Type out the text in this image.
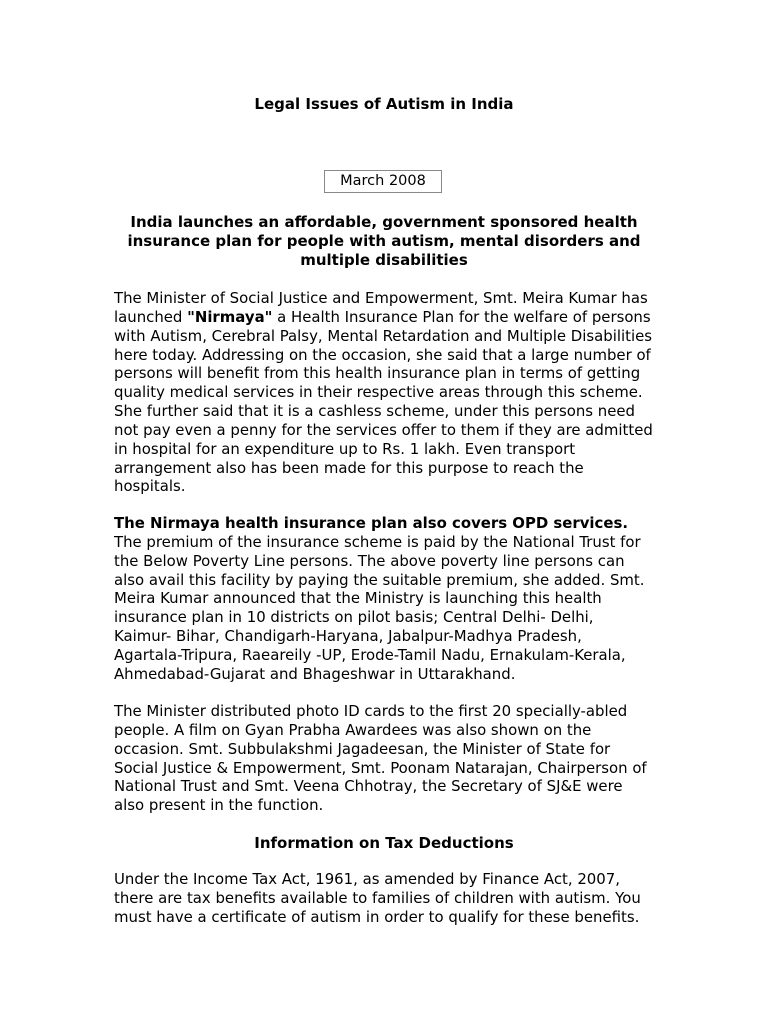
Legal Issues of Autism in India
March 2008
India launches an affordable, government sponsored health insurance plan for people with autism, mental disorders and multiple disabilities

The Minister of Social Justice and Empowerment, Smt. Meira Kumar has launched "Nirmaya" a Health Insurance Plan for the welfare of persons with Autism, Cerebral Palsy, Mental Retardation and Multiple Disabilities here today. Addressing on the occasion, she said that a large number of persons will benefit from this health insurance plan in terms of getting quality medical services in their respective areas through this scheme. She further said that it is a cashless scheme, under this persons need not pay even a penny for the services offer to them if they are admitted in hospital for an expenditure up to Rs. 1 lakh. Even transport arrangement also has been made for this purpose to reach the hospitals.

The Nirmaya health insurance plan also covers OPD services. The premium of the insurance scheme is paid by the National Trust for the Below Poverty Line persons. The above poverty line persons can also avail this facility by paying the suitable premium, she added. Smt. Meira Kumar announced that the Ministry is launching this health insurance plan in 10 districts on pilot basis; Central Delhi- Delhi, Kaimur- Bihar, Chandigarh-Haryana, Jabalpur-Madhya Pradesh, Agartala-Tripura, Raeareily -UP, Erode-Tamil Nadu, Ernakulam-Kerala, Ahmedabad-Gujarat and Bhageshwar in Uttarakhand.

The Minister distributed photo ID cards to the first 20 specially-abled people. A film on Gyan Prabha Awardees was also shown on the occasion. Smt. Subbulakshmi Jagadeesan, the Minister of State for Social Justice & Empowerment, Smt. Poonam Natarajan, Chairperson of National Trust and Smt. Veena Chhotray, the Secretary of SJ&E were also present in the function.

Information on Tax Deductions

Under the Income Tax Act, 1961, as amended by Finance Act, 2007, there are tax benefits available to families of children with autism. You must have a certificate of autism in order to qualify for these benefits.
